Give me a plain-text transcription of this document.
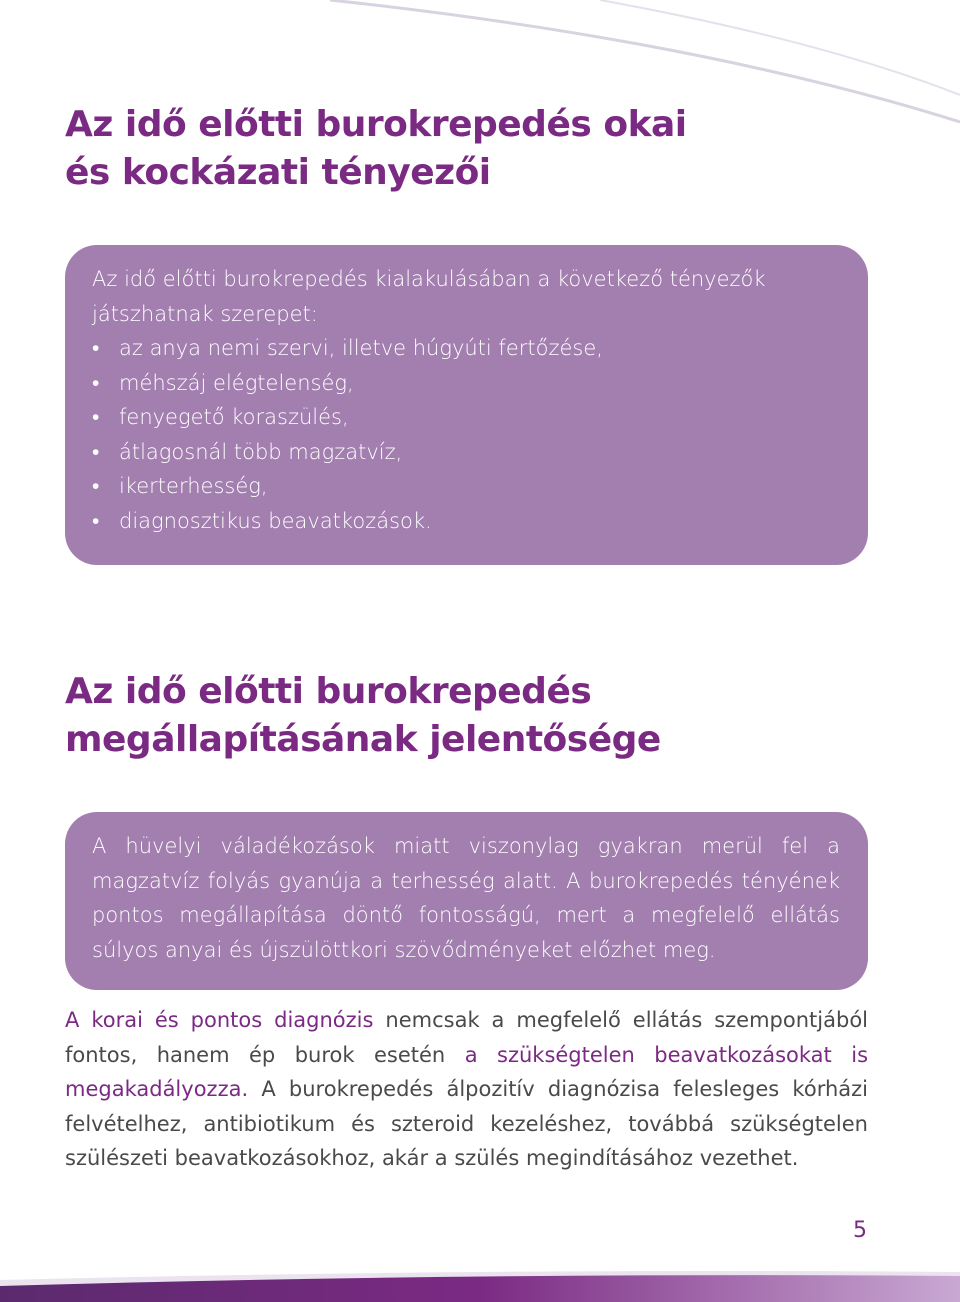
Az idő előtti burokrepedés okai
és kockázati tényezői
Az idő előtti burokrepedés kialakulásában a következő tényezők játszhatnak szerepet:
• az anya nemi szervi, illetve húgyúti fertőzése,
• méhszáj elégtelenség,
• fenyegető koraszülés,
• átlagosnál több magzatvíz,
• ikerterhesség,
• diagnosztikus beavatkozások.
Az idő előtti burokrepedés
megállapításának jelentősége
A hüvelyi váladékozások miatt viszonylag gyakran merül fel a magzatvíz folyás gyanúja a terhesség alatt. A burokrepedés tényének pontos megállapítása döntő fontosságú, mert a megfelelő ellátás súlyos anyai és újszülöttkori szövődményeket előzhet meg.

A korai és pontos diagnózis nemcsak a megfelelő ellátás szempontjából fontos, hanem ép burok esetén a szükségtelen beavatkozásokat is megakadályozza. A burokrepedés álpozitív diagnózisa felesleges kórházi felvételhez, antibiotikum és szteroid kezeléshez, továbbá szükségtelen szülészeti beavatkozásokhoz, akár a szülés megindításához vezethet.

5
